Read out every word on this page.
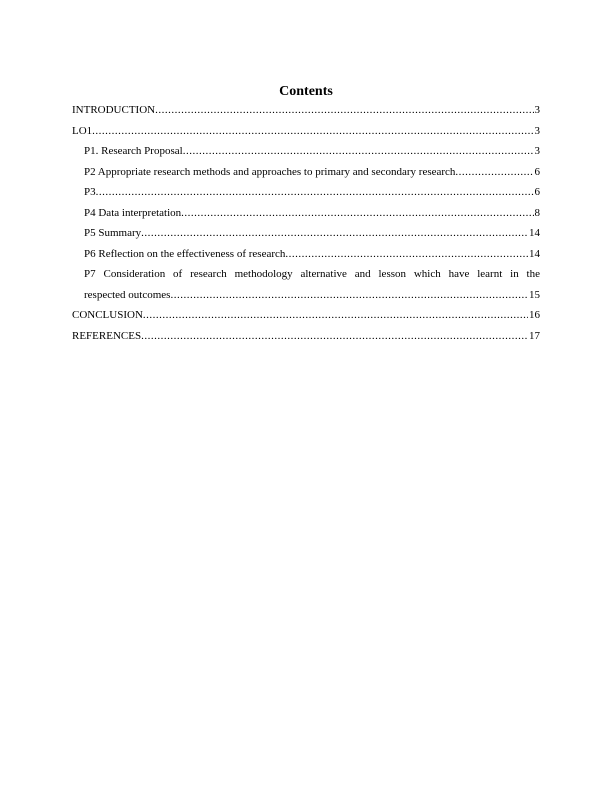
Contents
INTRODUCTION .....	3
LO1 .....	3
P1. Research Proposal .....	3
P2 Appropriate research methods and approaches to primary and secondary research .....	6
P3 .....	6
P4 Data interpretation .....	8
P5 Summary .....	14
P6 Reflection on the effectiveness of research .....	14
P7 Consideration of research methodology alternative and lesson which have learnt in the
respected outcomes .....	15
CONCLUSION .....	16
REFERENCES .....	17
